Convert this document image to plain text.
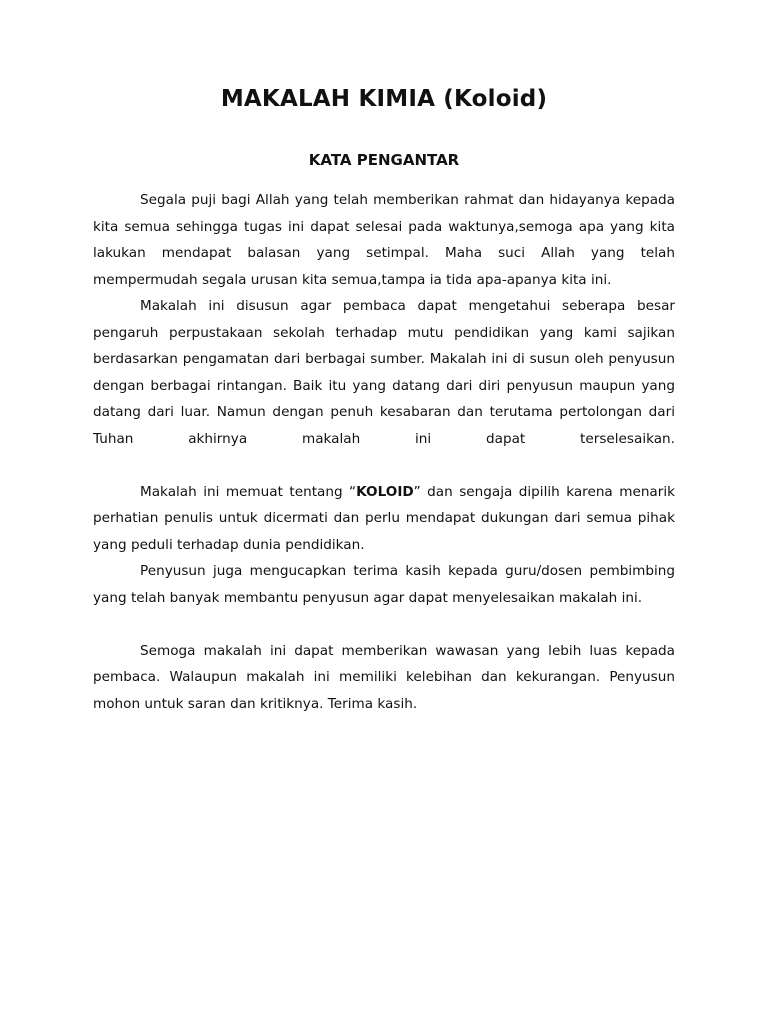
MAKALAH KIMIA (Koloid)
KATA PENGANTAR

Segala puji bagi Allah yang telah memberikan rahmat dan hidayanya kepada kita semua sehingga tugas ini dapat selesai pada waktunya,semoga apa yang kita lakukan mendapat balasan yang setimpal. Maha suci Allah yang telah mempermudah segala urusan kita semua,tampa ia tida apa-apanya kita ini.

Makalah ini disusun agar pembaca dapat mengetahui seberapa besar pengaruh perpustakaan sekolah terhadap mutu pendidikan yang kami sajikan berdasarkan pengamatan dari berbagai sumber. Makalah ini di susun oleh penyusun dengan berbagai rintangan. Baik itu yang datang dari diri penyusun maupun yang datang dari luar. Namun dengan penuh kesabaran dan terutama pertolongan dari Tuhan akhirnya makalah ini dapat terselesaikan.

Makalah ini memuat tentang “KOLOID” dan sengaja dipilih karena menarik perhatian penulis untuk dicermati dan perlu mendapat dukungan dari semua pihak yang peduli terhadap dunia pendidikan.

Penyusun juga mengucapkan terima kasih kepada guru/dosen pembimbing yang telah banyak membantu penyusun agar dapat menyelesaikan makalah ini.

Semoga makalah ini dapat memberikan wawasan yang lebih luas kepada pembaca. Walaupun makalah ini memiliki kelebihan dan kekurangan. Penyusun mohon untuk saran dan kritiknya. Terima kasih.
